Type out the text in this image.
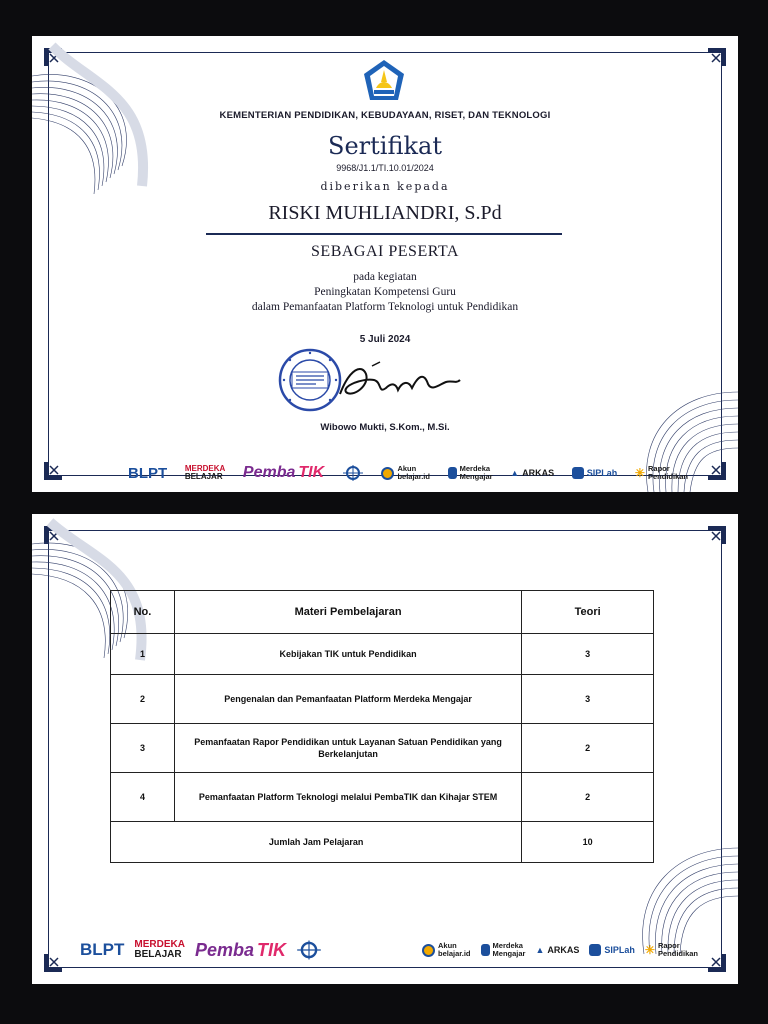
KEMENTERIAN PENDIDIKAN, KEBUDAYAAN, RISET, DAN TEKNOLOGI
Sertifikat
9968/J1.1/TI.10.01/2024
diberikan kepada
RISKI MUHLIANDRI, S.Pd
SEBAGAI PESERTA
pada kegiatan
Peningkatan Kompetensi Guru
dalam Pemanfaatan Platform Teknologi untuk Pendidikan
5 Juli 2024
Wibowo Mukti, S.Kom., M.Si.
BLPT MERDEKA
BELAJAR Pemba TIK	Akun
belajar.id
Merdeka
Mengajar ▲ ARKAS	SIPLah ✳ Rapor
Pendidikan
No.	Materi Pembelajaran	Teori
1	Kebijakan TIK untuk Pendidikan	3
2	Pengenalan dan Pemanfaatan Platform Merdeka Mengajar	3
3	Pemanfaatan Rapor Pendidikan untuk Layanan Satuan Pendidikan yang Berkelanjutan	2
4	Pemanfaatan Platform Teknologi melalui PembaTIK dan Kihajar STEM	2
Jumlah Jam Pelajaran		10
BLPT MERDEKA
BELAJAR Pemba TIK	Akun
belajar.id
Merdeka
Mengajar ▲ ARKAS	SIPLah ✳ Rapor
Pendidikan
